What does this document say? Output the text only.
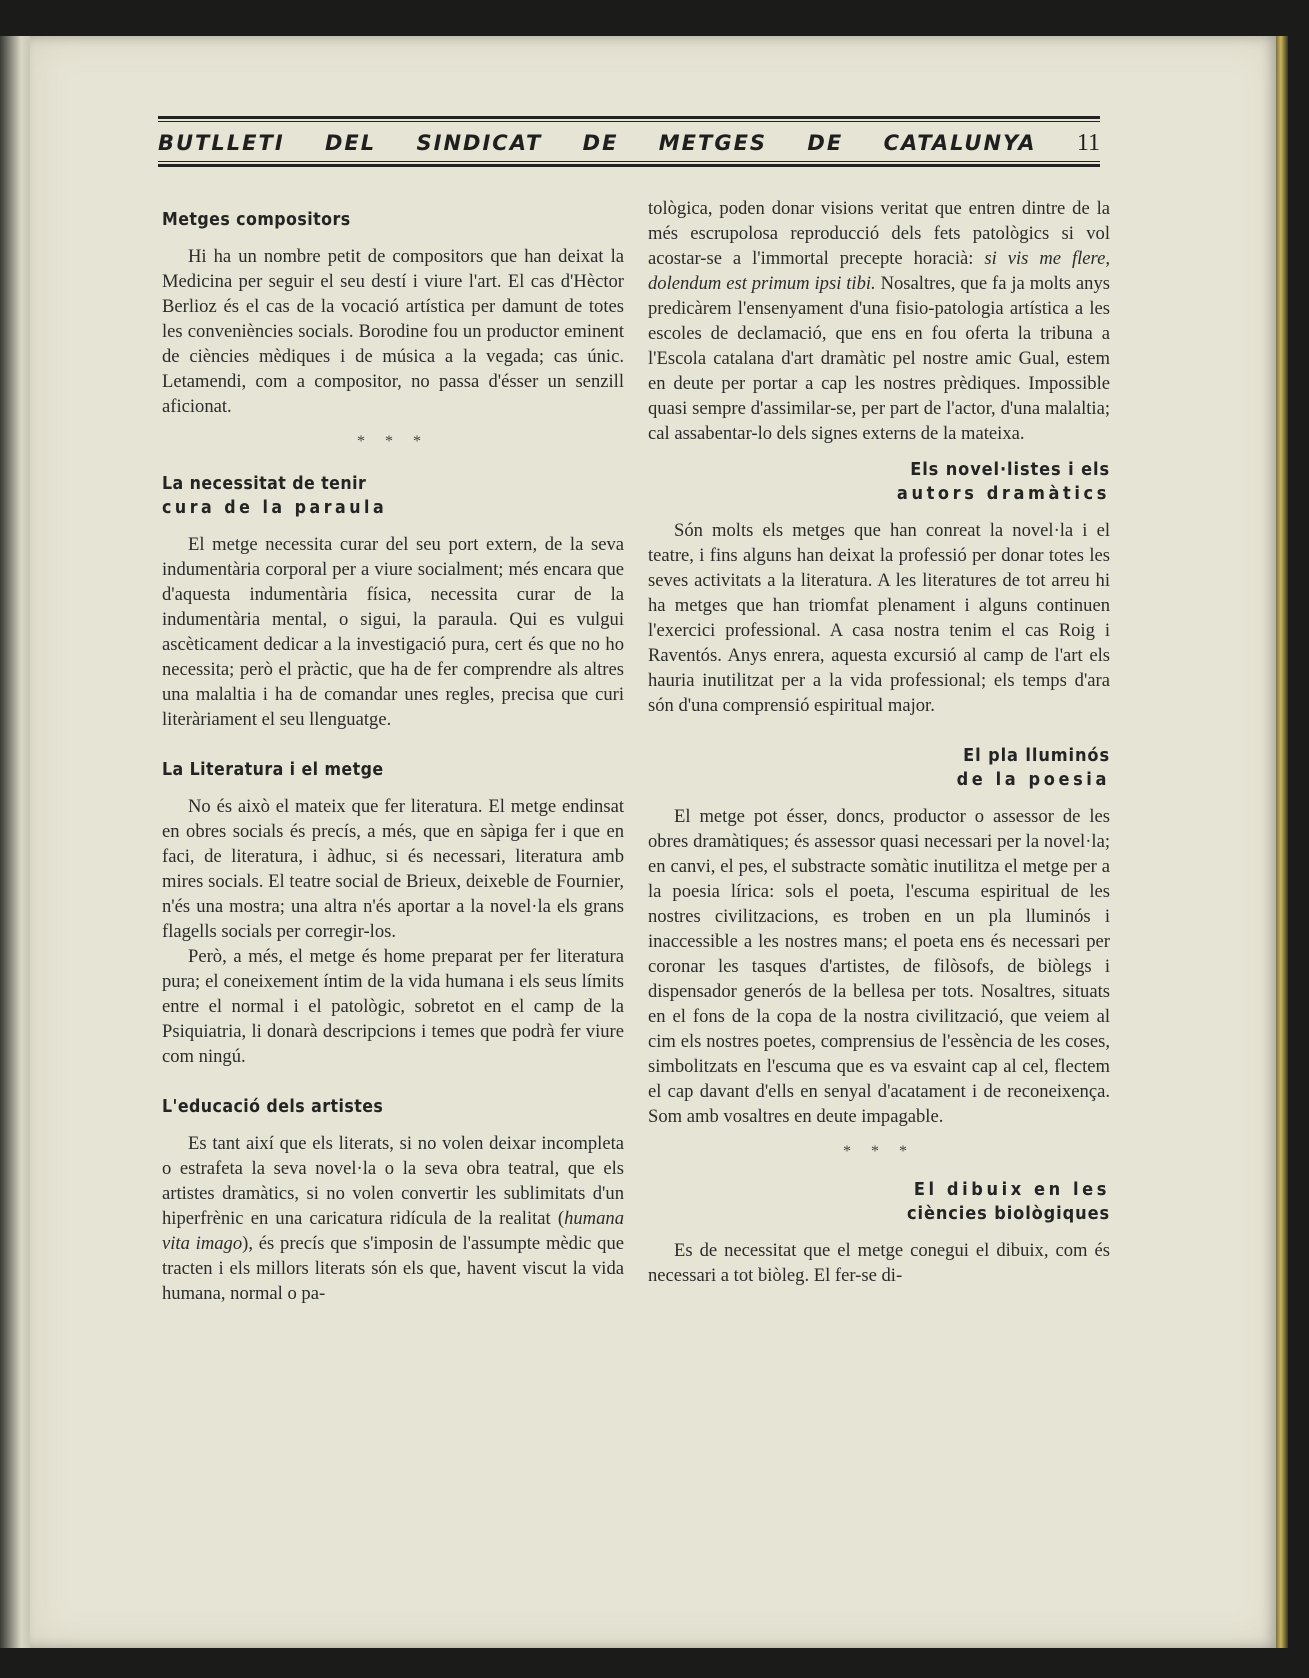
BUTLLETI DEL SINDICAT DE METGES DE CATALUNYA 11
Metges compositors

Hi ha un nombre petit de compositors que han deixat la Medicina per seguir el seu destí i viure l'art. El cas d'Hèctor Berlioz és el cas de la vocació artística per damunt de totes les conveniències socials. Borodine fou un productor eminent de ciències mèdiques i de música a la vegada; cas únic. Letamendi, com a compositor, no passa d'ésser un senzill aficionat.

* * *
La necessitat de tenir
cura de la paraula

El metge necessita curar del seu port extern, de la seva indumentària corporal per a viure socialment; més encara que d'aquesta indumentària física, necessita curar de la indumentària mental, o sigui, la paraula. Qui es vulgui ascèticament dedicar a la investigació pura, cert és que no ho necessita; però el pràctic, que ha de fer comprendre als altres una malaltia i ha de comandar unes regles, precisa que curi literàriament el seu llenguatge.

La Literatura i el metge

No és això el mateix que fer literatura. El metge endinsat en obres socials és precís, a més, que en sàpiga fer i que en faci, de literatura, i àdhuc, si és necessari, literatura amb mires socials. El teatre social de Brieux, deixeble de Fournier, n'és una mostra; una altra n'és aportar a la novel·la els grans flagells socials per corregir-los.

Però, a més, el metge és home preparat per fer literatura pura; el coneixement íntim de la vida humana i els seus límits entre el normal i el patològic, sobretot en el camp de la Psiquiatria, li donarà descripcions i temes que podrà fer viure com ningú.

L'educació dels artistes

Es tant així que els literats, si no volen deixar incompleta o estrafeta la seva novel·la o la seva obra teatral, que els artistes dramàtics, si no volen convertir les sublimitats d'un hiperfrènic en una caricatura ridícula de la realitat (humana vita imago), és precís que s'imposin de l'assumpte mèdic que tracten i els millors literats són els que, havent viscut la vida humana, normal o pa-

tològica, poden donar visions veritat que entren dintre de la més escrupolosa reproducció dels fets patològics si vol acostar-se a l'immortal precepte horacià: si vis me flere, dolendum est primum ipsi tibi. Nosaltres, que fa ja molts anys predicàrem l'ensenyament d'una fisio-patologia artística a les escoles de declamació, que ens en fou oferta la tribuna a l'Escola catalana d'art dramàtic pel nostre amic Gual, estem en deute per portar a cap les nostres prèdiques. Impossible quasi sempre d'assimilar-se, per part de l'actor, d'una malaltia; cal assabentar-lo dels signes externs de la mateixa.

Els novel·listes i els
autors dramàtics

Són molts els metges que han conreat la novel·la i el teatre, i fins alguns han deixat la professió per donar totes les seves activitats a la literatura. A les literatures de tot arreu hi ha metges que han triomfat plenament i alguns continuen l'exercici professional. A casa nostra tenim el cas Roig i Raventós. Anys enrera, aquesta excursió al camp de l'art els hauria inutilitzat per a la vida professional; els temps d'ara són d'una comprensió espiritual major.

El pla lluminós
de la poesia

El metge pot ésser, doncs, productor o assessor de les obres dramàtiques; és assessor quasi necessari per la novel·la; en canvi, el pes, el substracte somàtic inutilitza el metge per a la poesia lírica: sols el poeta, l'escuma espiritual de les nostres civilitzacions, es troben en un pla lluminós i inaccessible a les nostres mans; el poeta ens és necessari per coronar les tasques d'artistes, de filòsofs, de biòlegs i dispensador generós de la bellesa per tots. Nosaltres, situats en el fons de la copa de la nostra civilització, que veiem al cim els nostres poetes, comprensius de l'essència de les coses, simbolitzats en l'escuma que es va esvaint cap al cel, flectem el cap davant d'ells en senyal d'acatament i de reconeixença. Som amb vosaltres en deute impagable.

* * *
El dibuix en les
ciències biològiques

Es de necessitat que el metge conegui el dibuix, com és necessari a tot biòleg. El fer-se di-
